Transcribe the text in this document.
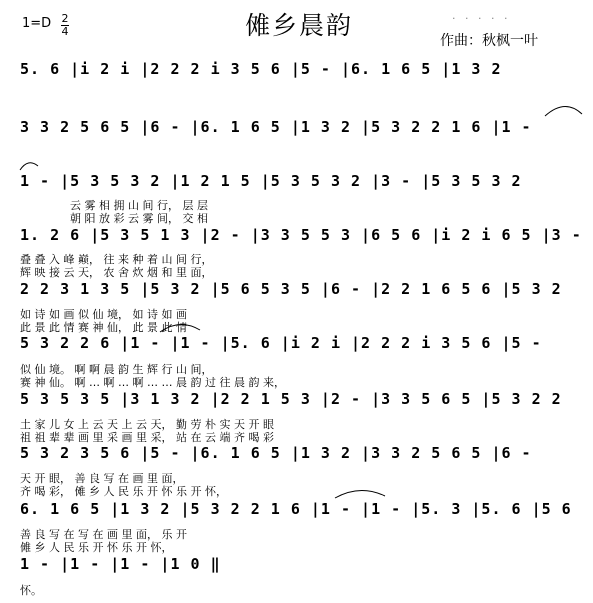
1=D 2
4	傩乡晨韵	· · · · ·
作曲：秋枫一叶
5. 6 |i 2 i |2 2 2 i 3 5 6 |5 - |6. 1 6 5 |1 3 2
3 3 2 5 6 5 |6 - |6. 1 6 5 |1 3 2 |5 3 2 2 1 6 |1 -
1 - |5 3 5 3 2 |1 2 1 5 |5 3 5 3 2 |3 - |5 3 5 3 2
云 雾 相 拥 山 间 行， 层 层
朝 阳 放 彩 云 雾 间， 交 相
1. 2 6 |5 3 5 1 3 |2 - |3 3 5 5 3 |6 5 6 |i 2 i 6 5 |3 -
叠 叠 入 峰 巅， 往 来 种 着 山 间 行，
辉 映 接 云 天， 农 舍 炊 烟 和 里 面，
2 2 3 1 3 5 |5 3 2 |5 6 5 3 5 |6 - |2 2 1 6 5 6 |5 3 2
如 诗 如 画 似 仙 境， 如 诗 如 画
此 景 此 情 赛 神 仙， 此 景 此 情
5 3 2 2 6 |1 - |1 - |5. 6 |i 2 i |2 2 2 i 3 5 6 |5 -
似 仙 境。 啊 啊 晨 韵 生 辉 行 山 间，
赛 神 仙。 啊 … 啊 … 啊 … … 晨 韵 过 往 晨 韵 来，
5 3 5 3 5 |3 1 3 2 |2 2 1 5 3 |2 - |3 3 5 6 5 |5 3 2 2
土 家 儿 女 上 云 天 上 云 天， 勤 劳 朴 实 天 开 眼
祖 祖 辈 辈 画 里 采 画 里 采， 站 在 云 端 齐 喝 彩
5 3 2 3 5 6 |5 - |6. 1 6 5 |1 3 2 |3 3 2 5 6 5 |6 -
天 开 眼， 善 良 写 在 画 里 面，
齐 喝 彩， 傩 乡 人 民 乐 开 怀 乐 开 怀，
6. 1 6 5 |1 3 2 |5 3 2 2 1 6 |1 - |1 - |5. 3 |5. 6 |5 6
善 良 写 在 写 在 画 里 面， 乐 开
傩 乡 人 民 乐 开 怀 乐 开 怀，
1 - |1 - |1 - |1 0 ‖
怀。
